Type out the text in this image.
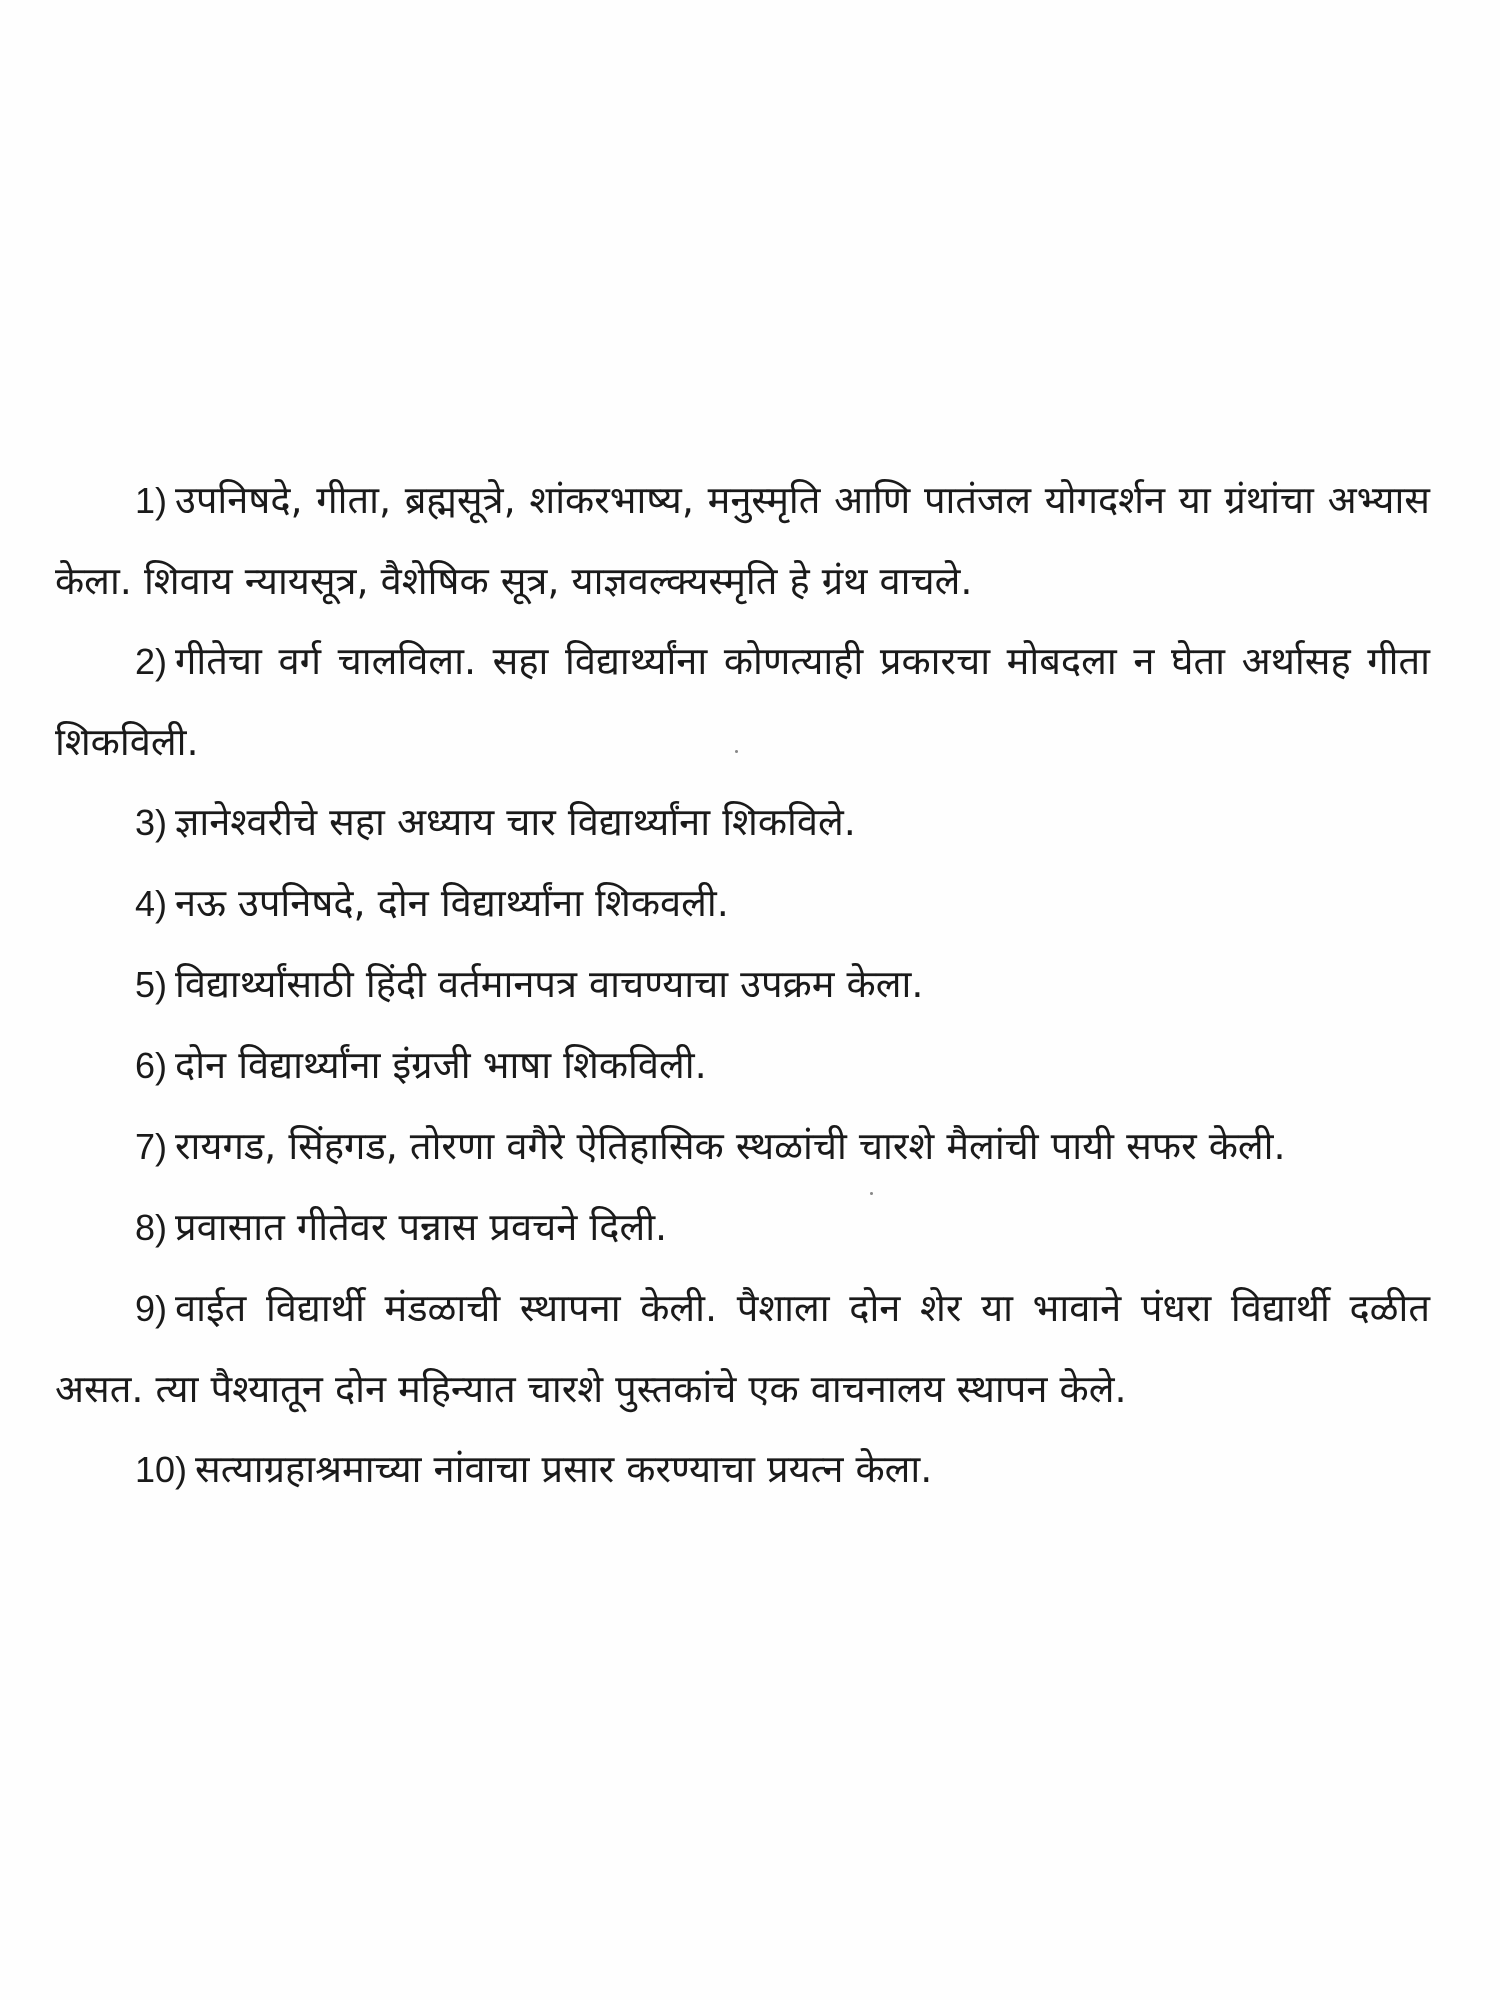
1) उपनिषदे, गीता, ब्रह्मसूत्रे, शांकरभाष्य, मनुस्मृति आणि पातंजल योगदर्शन या ग्रंथांचा अभ्यास केला. शिवाय न्यायसूत्र, वैशेषिक सूत्र, याज्ञवल्क्यस्मृति हे ग्रंथ वाचले.

2) गीतेचा वर्ग चालविला. सहा विद्यार्थ्यांना कोणत्याही प्रकारचा मोबदला न घेता अर्थासह गीता शिकविली.

3) ज्ञानेश्वरीचे सहा अध्याय चार विद्यार्थ्यांना शिकविले.

4) नऊ उपनिषदे, दोन विद्यार्थ्यांना शिकवली.

5) विद्यार्थ्यांसाठी हिंदी वर्तमानपत्र वाचण्याचा उपक्रम केला.

6) दोन विद्यार्थ्यांना इंग्रजी भाषा शिकविली.

7) रायगड, सिंहगड, तोरणा वगैरे ऐतिहासिक स्थळांची चारशे मैलांची पायी सफर केली.

8) प्रवासात गीतेवर पन्नास प्रवचने दिली.

9) वाईत विद्यार्थी मंडळाची स्थापना केली. पैशाला दोन शेर या भावाने पंधरा विद्यार्थी दळीत असत. त्या पैश्यातून दोन महिन्यात चारशे पुस्तकांचे एक वाचनालय स्थापन केले.

10) सत्याग्रहाश्रमाच्या नांवाचा प्रसार करण्याचा प्रयत्न केला.
